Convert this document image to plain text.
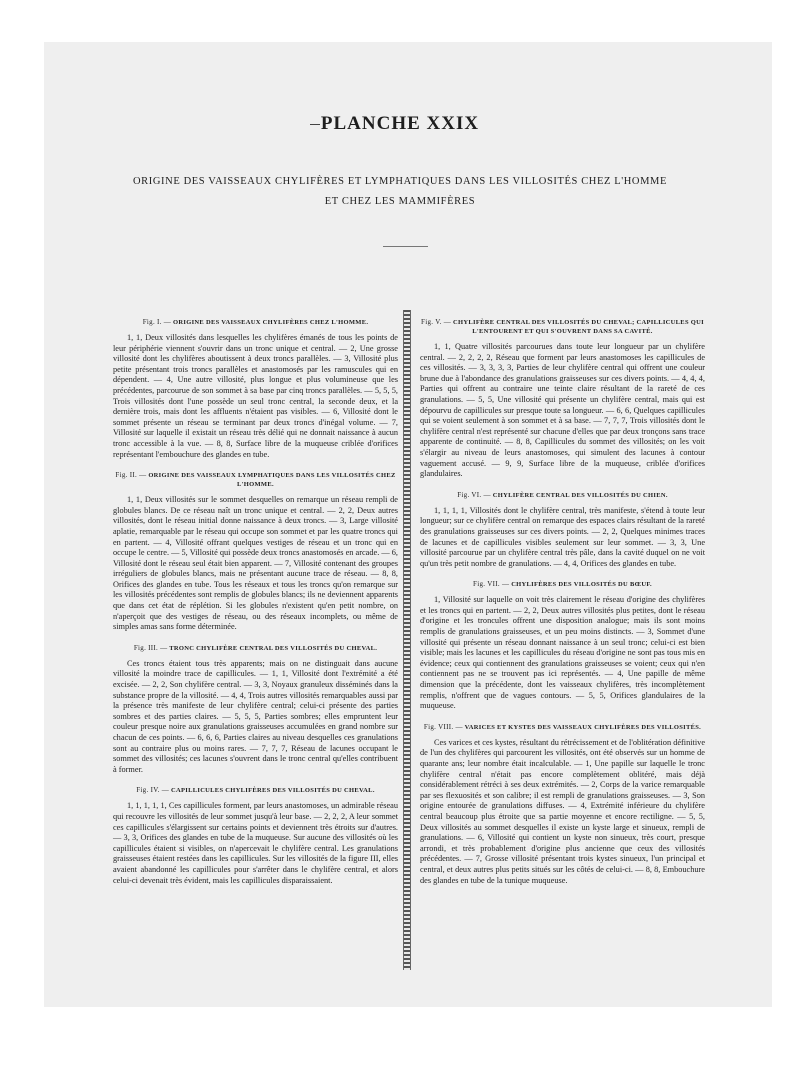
PLANCHE XXIX
ORIGINE DES VAISSEAUX CHYLIFÈRES ET LYMPHATIQUES DANS LES VILLOSITÉS CHEZ L'HOMME
ET CHEZ LES MAMMIFÈRES
Fig. I. — ORIGINE DES VAISSEAUX CHYLIFÈRES CHEZ L'HOMME.

1, 1, Deux villosités dans lesquelles les chylifères émanés de tous les points de leur périphérie viennent s'ouvrir dans un tronc unique et central. — 2, Une grosse villosité dont les chylifères aboutissent à deux troncs parallèles. — 3, Villosité plus petite présentant trois troncs parallèles et anastomosés par les ramuscules qui en dépendent. — 4, Une autre villosité, plus longue et plus volumineuse que les précédentes, parcourue de son sommet à sa base par cinq troncs parallèles. — 5, 5, 5, Trois villosités dont l'une possède un seul tronc central, la seconde deux, et la dernière trois, mais dont les affluents n'étaient pas visibles. — 6, Villosité dont le sommet présente un réseau se terminant par deux troncs d'inégal volume. — 7, Villosité sur laquelle il existait un réseau très délié qui ne donnait naissance à aucun tronc accessible à la vue. — 8, 8, Surface libre de la muqueuse criblée d'orifices représentant l'embouchure des glandes en tube.

Fig. II. — ORIGINE DES VAISSEAUX LYMPHATIQUES DANS LES VILLOSITÉS CHEZ L'HOMME.

1, 1, Deux villosités sur le sommet desquelles on remarque un réseau rempli de globules blancs. De ce réseau naît un tronc unique et central. — 2, 2, Deux autres villosités, dont le réseau initial donne naissance à deux troncs. — 3, Large villosité aplatie, remarquable par le réseau qui occupe son sommet et par les quatre troncs qui en partent. — 4, Villosité offrant quelques vestiges de réseau et un tronc qui en occupe le centre. — 5, Villosité qui possède deux troncs anastomosés en arcade. — 6, Villosité dont le réseau seul était bien apparent. — 7, Villosité contenant des groupes irréguliers de globules blancs, mais ne présentant aucune trace de réseau. — 8, 8, Orifices des glandes en tube. Tous les réseaux et tous les troncs qu'on remarque sur les villosités précédentes sont remplis de globules blancs; ils ne deviennent apparents que dans cet état de réplétion. Si les globules n'existent qu'en petit nombre, on n'aperçoit que des vestiges de réseau, ou des réseaux incomplets, ou même de simples amas sans forme déterminée.

Fig. III. — TRONC CHYLIFÈRE CENTRAL DES VILLOSITÉS DU CHEVAL.

Ces troncs étaient tous très apparents; mais on ne distinguait dans aucune villosité la moindre trace de capillicules. — 1, 1, Villosité dont l'extrémité a été excisée. — 2, 2, Son chylifère central. — 3, 3, Noyaux granuleux disséminés dans la substance propre de la villosité. — 4, 4, Trois autres villosités remarquables aussi par la présence très manifeste de leur chylifère central; celui-ci présente des parties sombres et des parties claires. — 5, 5, 5, Parties sombres; elles empruntent leur couleur presque noire aux granulations graisseuses accumulées en grand nombre sur chacun de ces points. — 6, 6, 6, Parties claires au niveau desquelles ces granulations sont au contraire plus ou moins rares. — 7, 7, 7, Réseau de lacunes occupant le sommet des villosités; ces lacunes s'ouvrent dans le tronc central qu'elles contribuent à former.

Fig. IV. — CAPILLICULES CHYLIFÈRES DES VILLOSITÉS DU CHEVAL.

1, 1, 1, 1, 1, Ces capillicules forment, par leurs anastomoses, un admirable réseau qui recouvre les villosités de leur sommet jusqu'à leur base. — 2, 2, 2, A leur sommet ces capillicules s'élargissent sur certains points et deviennent très étroits sur d'autres. — 3, 3, Orifices des glandes en tube de la muqueuse. Sur aucune des villosités où les capillicules étaient si visibles, on n'apercevait le chylifère central. Les granulations graisseuses étaient restées dans les capillicules. Sur les villosités de la figure III, elles avaient abandonné les capillicules pour s'arrêter dans le chylifère central, et alors celui-ci devenait très évident, mais les capillicules disparaissaient.

Fig. V. — CHYLIFÈRE CENTRAL DES VILLOSITÉS DU CHEVAL; CAPILLICULES QUI L'ENTOURENT ET QUI S'OUVRENT DANS SA CAVITÉ.

1, 1, Quatre villosités parcourues dans toute leur longueur par un chylifère central. — 2, 2, 2, 2, Réseau que forment par leurs anastomoses les capillicules de ces villosités. — 3, 3, 3, 3, Parties de leur chylifère central qui offrent une couleur brune due à l'abondance des granulations graisseuses sur ces divers points. — 4, 4, 4, Parties qui offrent au contraire une teinte claire résultant de la rareté de ces granulations. — 5, 5, Une villosité qui présente un chylifère central, mais qui est dépourvu de capillicules sur presque toute sa longueur. — 6, 6, Quelques capillicules qui se voient seulement à son sommet et à sa base. — 7, 7, 7, Trois villosités dont le chylifère central n'est représenté sur chacune d'elles que par deux tronçons sans trace apparente de continuité. — 8, 8, Capillicules du sommet des villosités; on les voit s'élargir au niveau de leurs anastomoses, qui simulent des lacunes à contour vaguement accusé. — 9, 9, Surface libre de la muqueuse, criblée d'orifices glandulaires.

Fig. VI. — CHYLIFÈRE CENTRAL DES VILLOSITÉS DU CHIEN.

1, 1, 1, 1, Villosités dont le chylifère central, très manifeste, s'étend à toute leur longueur; sur ce chylifère central on remarque des espaces clairs résultant de la rareté des granulations graisseuses sur ces divers points. — 2, 2, Quelques minimes traces de lacunes et de capillicules visibles seulement sur leur sommet. — 3, 3, Une villosité parcourue par un chylifère central très pâle, dans la cavité duquel on ne voit qu'un très petit nombre de granulations. — 4, 4, Orifices des glandes en tube.

Fig. VII. — CHYLIFÈRES DES VILLOSITÉS DU BŒUF.

1, Villosité sur laquelle on voit très clairement le réseau d'origine des chylifères et les troncs qui en partent. — 2, 2, Deux autres villosités plus petites, dont le réseau d'origine et les troncules offrent une disposition analogue; mais ils sont moins remplis de granulations graisseuses, et un peu moins distincts. — 3, Sommet d'une villosité qui présente un réseau donnant naissance à un seul tronc; celui-ci est bien visible; mais les lacunes et les capillicules du réseau d'origine ne sont pas tous mis en évidence; ceux qui contiennent des granulations graisseuses se voient; ceux qui n'en contiennent pas ne se trouvent pas ici représentés. — 4, Une papille de même dimension que la précédente, dont les vaisseaux chylifères, très incomplètement remplis, n'offrent que de vagues contours. — 5, 5, Orifices glandulaires de la muqueuse.

Fig. VIII. — VARICES ET KYSTES DES VAISSEAUX CHYLIFÈRES DES VILLOSITÉS.

Ces varices et ces kystes, résultant du rétrécissement et de l'oblitération définitive de l'un des chylifères qui parcourent les villosités, ont été observés sur un homme de quarante ans; leur nombre était incalculable. — 1, Une papille sur laquelle le tronc chylifère central n'était pas encore complètement oblitéré, mais déjà considérablement rétréci à ses deux extrémités. — 2, Corps de la varice remarquable par ses flexuosités et son calibre; il est rempli de granulations graisseuses. — 3, Son origine entourée de granulations diffuses. — 4, Extrémité inférieure du chylifère central beaucoup plus étroite que sa partie moyenne et encore rectiligne. — 5, 5, Deux villosités au sommet desquelles il existe un kyste large et sinueux, rempli de granulations. — 6, Villosité qui contient un kyste non sinueux, très court, presque arrondi, et très probablement d'origine plus ancienne que ceux des villosités précédentes. — 7, Grosse villosité présentant trois kystes sinueux, l'un principal et central, et deux autres plus petits situés sur les côtés de celui-ci. — 8, 8, Embouchure des glandes en tube de la tunique muqueuse.
